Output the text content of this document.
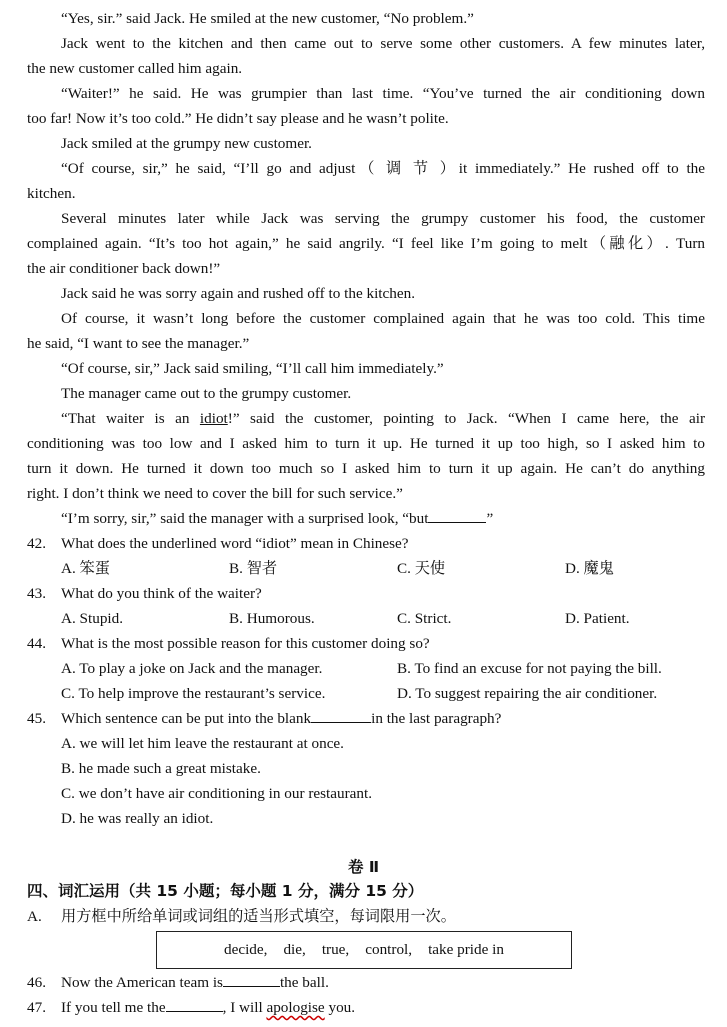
“Yes, sir.” said Jack. He smiled at the new customer, “No problem.”
Jack went to the kitchen and then came out to serve some other customers. A few minutes later,
the new customer called him again.
“Waiter!” he said. He was grumpier than last time. “You’ve turned the air conditioning down
too far! Now it’s too cold.” He didn’t say please and he wasn’t polite.
Jack smiled at the grumpy new customer.
“Of course, sir,” he said, “I’ll go and adjust（ 调 节 ）it immediately.” He rushed off to the
kitchen.
Several minutes later while Jack was serving the grumpy customer his food, the customer
complained again. “It’s too hot again,” he said angrily. “I feel like I’m going to melt（融化）. Turn
the air conditioner back down!”
Jack said he was sorry again and rushed off to the kitchen.
Of course, it wasn’t long before the customer complained again that he was too cold. This time
he said, “I want to see the manager.”
“Of course, sir,” Jack said smiling, “I’ll call him immediately.”
The manager came out to the grumpy customer.
“That waiter is an idiot!” said the customer, pointing to Jack. “When I came here, the air
conditioning was too low and I asked him to turn it up. He turned it up too high, so I asked him to
turn it down. He turned it down too much so I asked him to turn it up again. He can’t do anything
right. I don’t think we need to cover the bill for such service.”
“I’m sorry, sir,” said the manager with a surprised look, “but	”
42. What does the underlined word “idiot” mean in Chinese?
A. 笨蛋	B. 智者	C. 天使	D. 魔鬼
43. What do you think of the waiter?
A. Stupid.	B. Humorous.	C. Strict.	D. Patient.
44. What is the most possible reason for this customer doing so?
A. To play a joke on Jack and the manager.	B. To find an excuse for not paying the bill.
C. To help improve the restaurant’s service.	D. To suggest repairing the air conditioner.
45. Which sentence can be put into the blank	in the last paragraph?
A. we will let him leave the restaurant at once.
B. he made such a great mistake.
C. we don’t have air conditioning in our restaurant.
D. he was really an idiot.
卷 Ⅱ
四、词汇运用（共 15 小题；每小题 1 分，满分 15 分）
A. 用方框中所给单词或词组的适当形式填空，每词限用一次。
decide, die, true, control, take pride in
46. Now the American team is	the ball.
47. If you tell me the	, I will apologise you.
